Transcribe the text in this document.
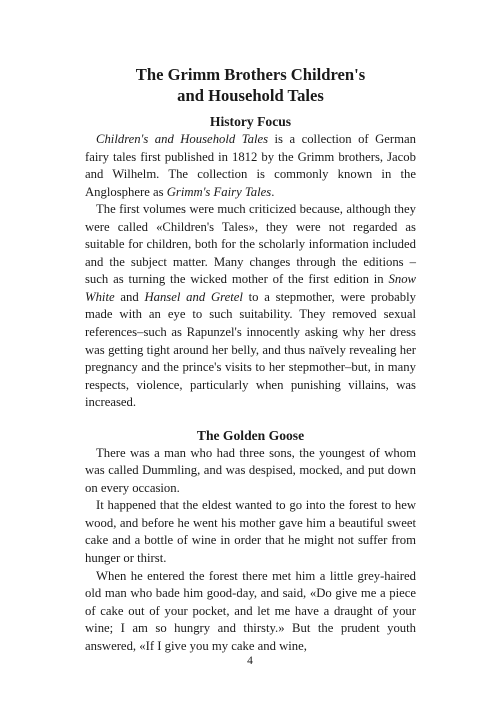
The Grimm Brothers Children's
and Household Tales
History Focus

Children's and Household Tales is a collection of German fairy tales first published in 1812 by the Grimm brothers, Jacob and Wilhelm. The collection is commonly known in the Anglosphere as Grimm's Fairy Tales.

The first volumes were much criticized because, although they were called «Children's Tales», they were not regarded as suitable for children, both for the scholarly information included and the subject matter. Many changes through the editions – such as turning the wicked mother of the first edition in Snow White and Hansel and Gretel to a stepmother, were probably made with an eye to such suitability. They removed sexual references–such as Rapunzel's innocently asking why her dress was getting tight around her belly, and thus naïvely revealing her pregnancy and the prince's visits to her stepmother–but, in many respects, violence, particularly when punishing villains, was increased.

The Golden Goose

There was a man who had three sons, the youngest of whom was called Dummling, and was despised, mocked, and put down on every occasion.

It happened that the eldest wanted to go into the forest to hew wood, and before he went his mother gave him a beautiful sweet cake and a bottle of wine in order that he might not suffer from hunger or thirst.

When he entered the forest there met him a little grey-haired old man who bade him good-day, and said, «Do give me a piece of cake out of your pocket, and let me have a draught of your wine; I am so hungry and thirsty.» But the prudent youth answered, «If I give you my cake and wine,

4
